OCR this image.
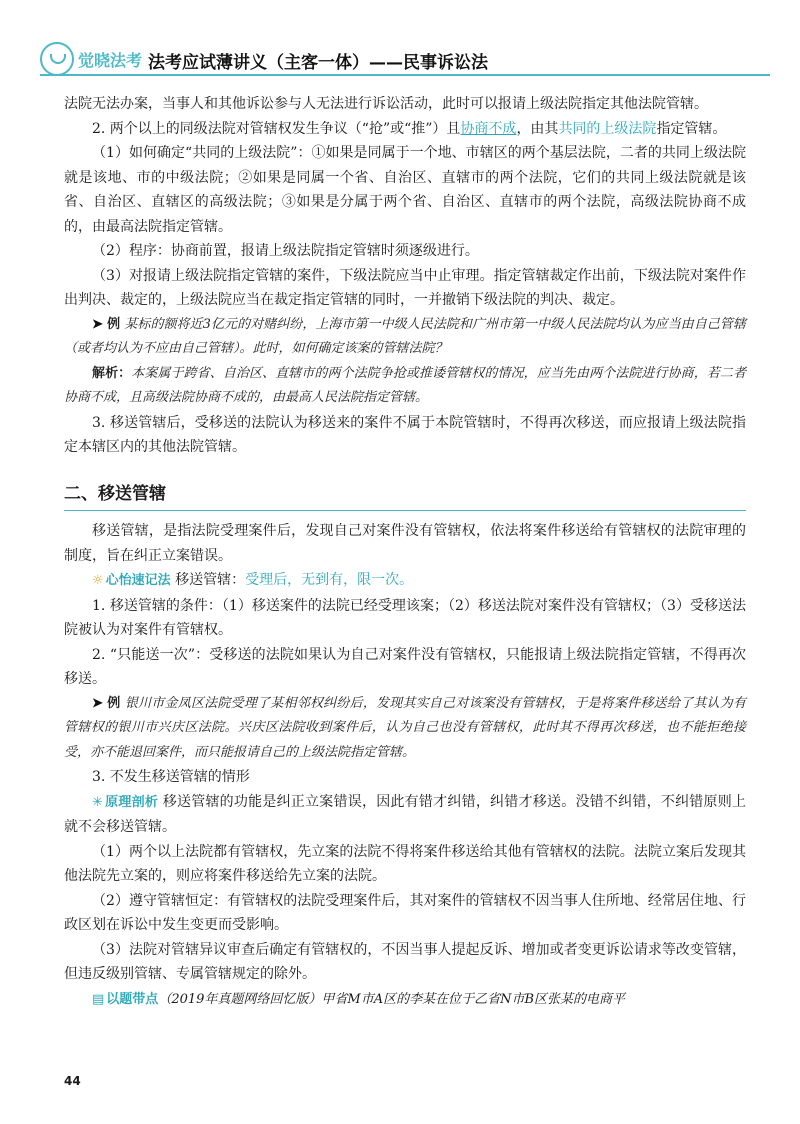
觉晓法考 法考应试薄讲义（主客一体）——民事诉讼法

法院无法办案，当事人和其他诉讼参与人无法进行诉讼活动，此时可以报请上级法院指定其他法院管辖。

2. 两个以上的同级法院对管辖权发生争议（“抢”或“推”）且协商不成，由其共同的上级法院指定管辖。

（1）如何确定“共同的上级法院”：①如果是同属于一个地、市辖区的两个基层法院，二者的共同上级法院就是该地、市的中级法院；②如果是同属一个省、自治区、直辖市的两个法院，它们的共同上级法院就是该省、自治区、直辖区的高级法院；③如果是分属于两个省、自治区、直辖市的两个法院，高级法院协商不成的，由最高法院指定管辖。

（2）程序：协商前置，报请上级法院指定管辖时须逐级进行。

（3）对报请上级法院指定管辖的案件，下级法院应当中止审理。指定管辖裁定作出前，下级法院对案件作出判决、裁定的，上级法院应当在裁定指定管辖的同时，一并撤销下级法院的判决、裁定。

➤ 例 某标的额将近3亿元的对赌纠纷，上海市第一中级人民法院和广州市第一中级人民法院均认为应当由自己管辖（或者均认为不应由自己管辖）。此时，如何确定该案的管辖法院？

解析：本案属于跨省、自治区、直辖市的两个法院争抢或推诿管辖权的情况，应当先由两个法院进行协商，若二者协商不成，且高级法院协商不成的，由最高人民法院指定管辖。

3. 移送管辖后，受移送的法院认为移送来的案件不属于本院管辖时，不得再次移送，而应报请上级法院指定本辖区内的其他法院管辖。

二、移送管辖

移送管辖，是指法院受理案件后，发现自己对案件没有管辖权，依法将案件移送给有管辖权的法院审理的制度，旨在纠正立案错误。

☼ 心怡速记法 移送管辖：受理后，无到有，限一次。

1. 移送管辖的条件：（1）移送案件的法院已经受理该案；（2）移送法院对案件没有管辖权；（3）受移送法院被认为对案件有管辖权。

2. “只能送一次”：受移送的法院如果认为自己对案件没有管辖权，只能报请上级法院指定管辖，不得再次移送。

➤ 例 银川市金凤区法院受理了某相邻权纠纷后，发现其实自己对该案没有管辖权，于是将案件移送给了其认为有管辖权的银川市兴庆区法院。兴庆区法院收到案件后，认为自己也没有管辖权，此时其不得再次移送，也不能拒绝接受，亦不能退回案件，而只能报请自己的上级法院指定管辖。

3. 不发生移送管辖的情形

✳ 原理剖析 移送管辖的功能是纠正立案错误，因此有错才纠错，纠错才移送。没错不纠错，不纠错原则上就不会移送管辖。

（1）两个以上法院都有管辖权，先立案的法院不得将案件移送给其他有管辖权的法院。法院立案后发现其他法院先立案的，则应将案件移送给先立案的法院。

（2）遵守管辖恒定：有管辖权的法院受理案件后，其对案件的管辖权不因当事人住所地、经常居住地、行政区划在诉讼中发生变更而受影响。

（3）法院对管辖异议审查后确定有管辖权的，不因当事人提起反诉、增加或者变更诉讼请求等改变管辖，但违反级别管辖、专属管辖规定的除外。

▤ 以题带点（2019年真题网络回忆版）甲省M市A区的李某在位于乙省N市B区张某的电商平

44
